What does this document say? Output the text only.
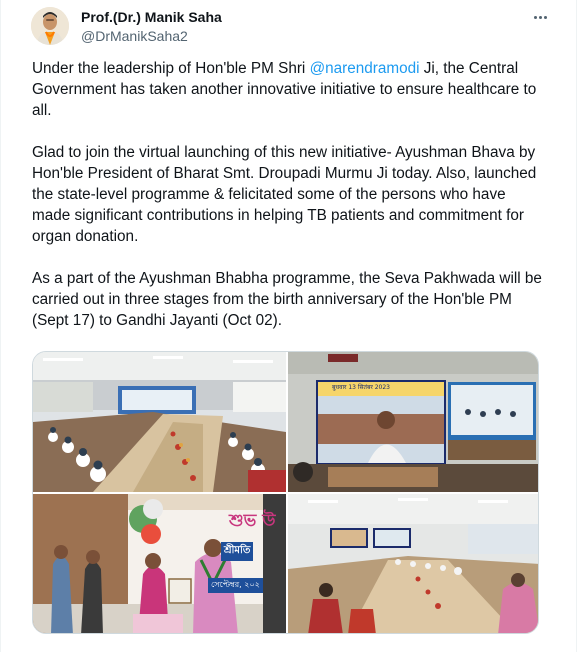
Prof.(Dr.) Manik Saha
@DrManikSaha2

Under the leadership of Hon'ble PM Shri @narendramodi Ji, the Central Government has taken another innovative initiative to ensure healthcare to all.

Glad to join the virtual launching of this new initiative- Ayushman Bhava by Hon'ble President of Bharat Smt. Droupadi Murmu Ji today. Also, launched the state-level programme & felicitated some of the persons who have made significant contributions in helping TB patients and commitment for organ donation.

As a part of the Ayushman Bhabha programme, the Seva Pakhwada will be carried out in three stages from the birth anniversary of the Hon'ble PM (Sept 17) to Gandhi Jayanti (Oct 02).

बुधवार 13 सितंबर 2023
শুভ উ
শ্রীমতি
সেপ্টেম্বর, ২০২
